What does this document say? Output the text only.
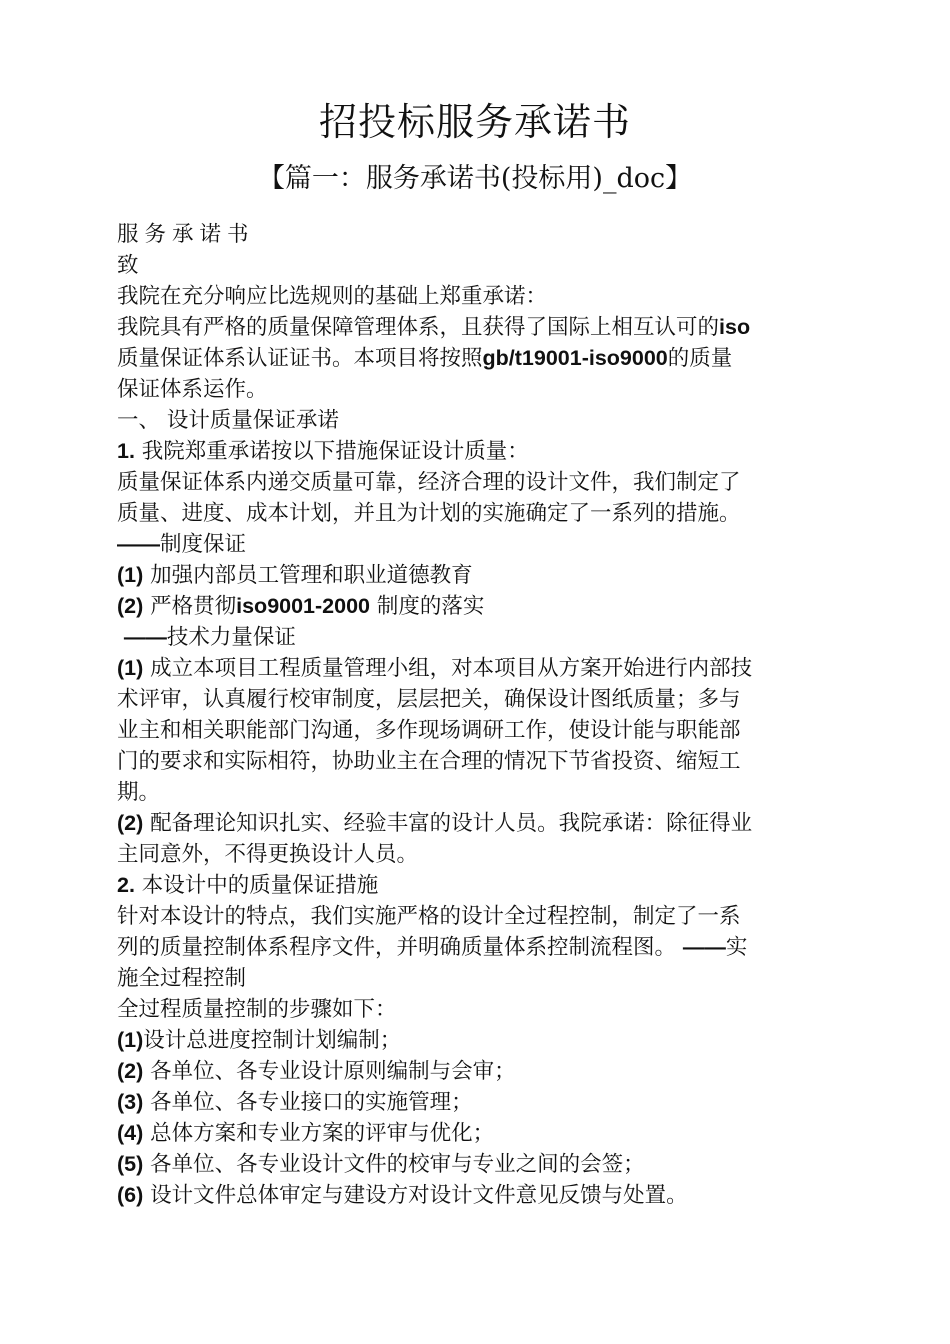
招投标服务承诺书
【篇一：服务承诺书(投标用)_doc】
服务承诺书
致
我院在充分响应比选规则的基础上郑重承诺：
我院具有严格的质量保障管理体系，且获得了国际上相互认可的iso
质量保证体系认证证书。本项目将按照gb/t19001-iso9000的质量
保证体系运作。
一、 设计质量保证承诺
1. 我院郑重承诺按以下措施保证设计质量：
质量保证体系内递交质量可靠，经济合理的设计文件，我们制定了
质量、进度、成本计划，并且为计划的实施确定了一系列的措施。
——制度保证
(1) 加强内部员工管理和职业道德教育
(2) 严格贯彻iso9001-2000 制度的落实
——技术力量保证
(1) 成立本项目工程质量管理小组，对本项目从方案开始进行内部技
术评审，认真履行校审制度，层层把关，确保设计图纸质量；多与
业主和相关职能部门沟通，多作现场调研工作，使设计能与职能部
门的要求和实际相符，协助业主在合理的情况下节省投资、缩短工
期。
(2) 配备理论知识扎实、经验丰富的设计人员。我院承诺：除征得业
主同意外，不得更换设计人员。
2. 本设计中的质量保证措施
针对本设计的特点，我们实施严格的设计全过程控制，制定了一系
列的质量控制体系程序文件，并明确质量体系控制流程图。 ——实
施全过程控制
全过程质量控制的步骤如下：
(1)设计总进度控制计划编制；
(2) 各单位、各专业设计原则编制与会审；
(3) 各单位、各专业接口的实施管理；
(4) 总体方案和专业方案的评审与优化；
(5) 各单位、各专业设计文件的校审与专业之间的会签；
(6) 设计文件总体审定与建设方对设计文件意见反馈与处置。
